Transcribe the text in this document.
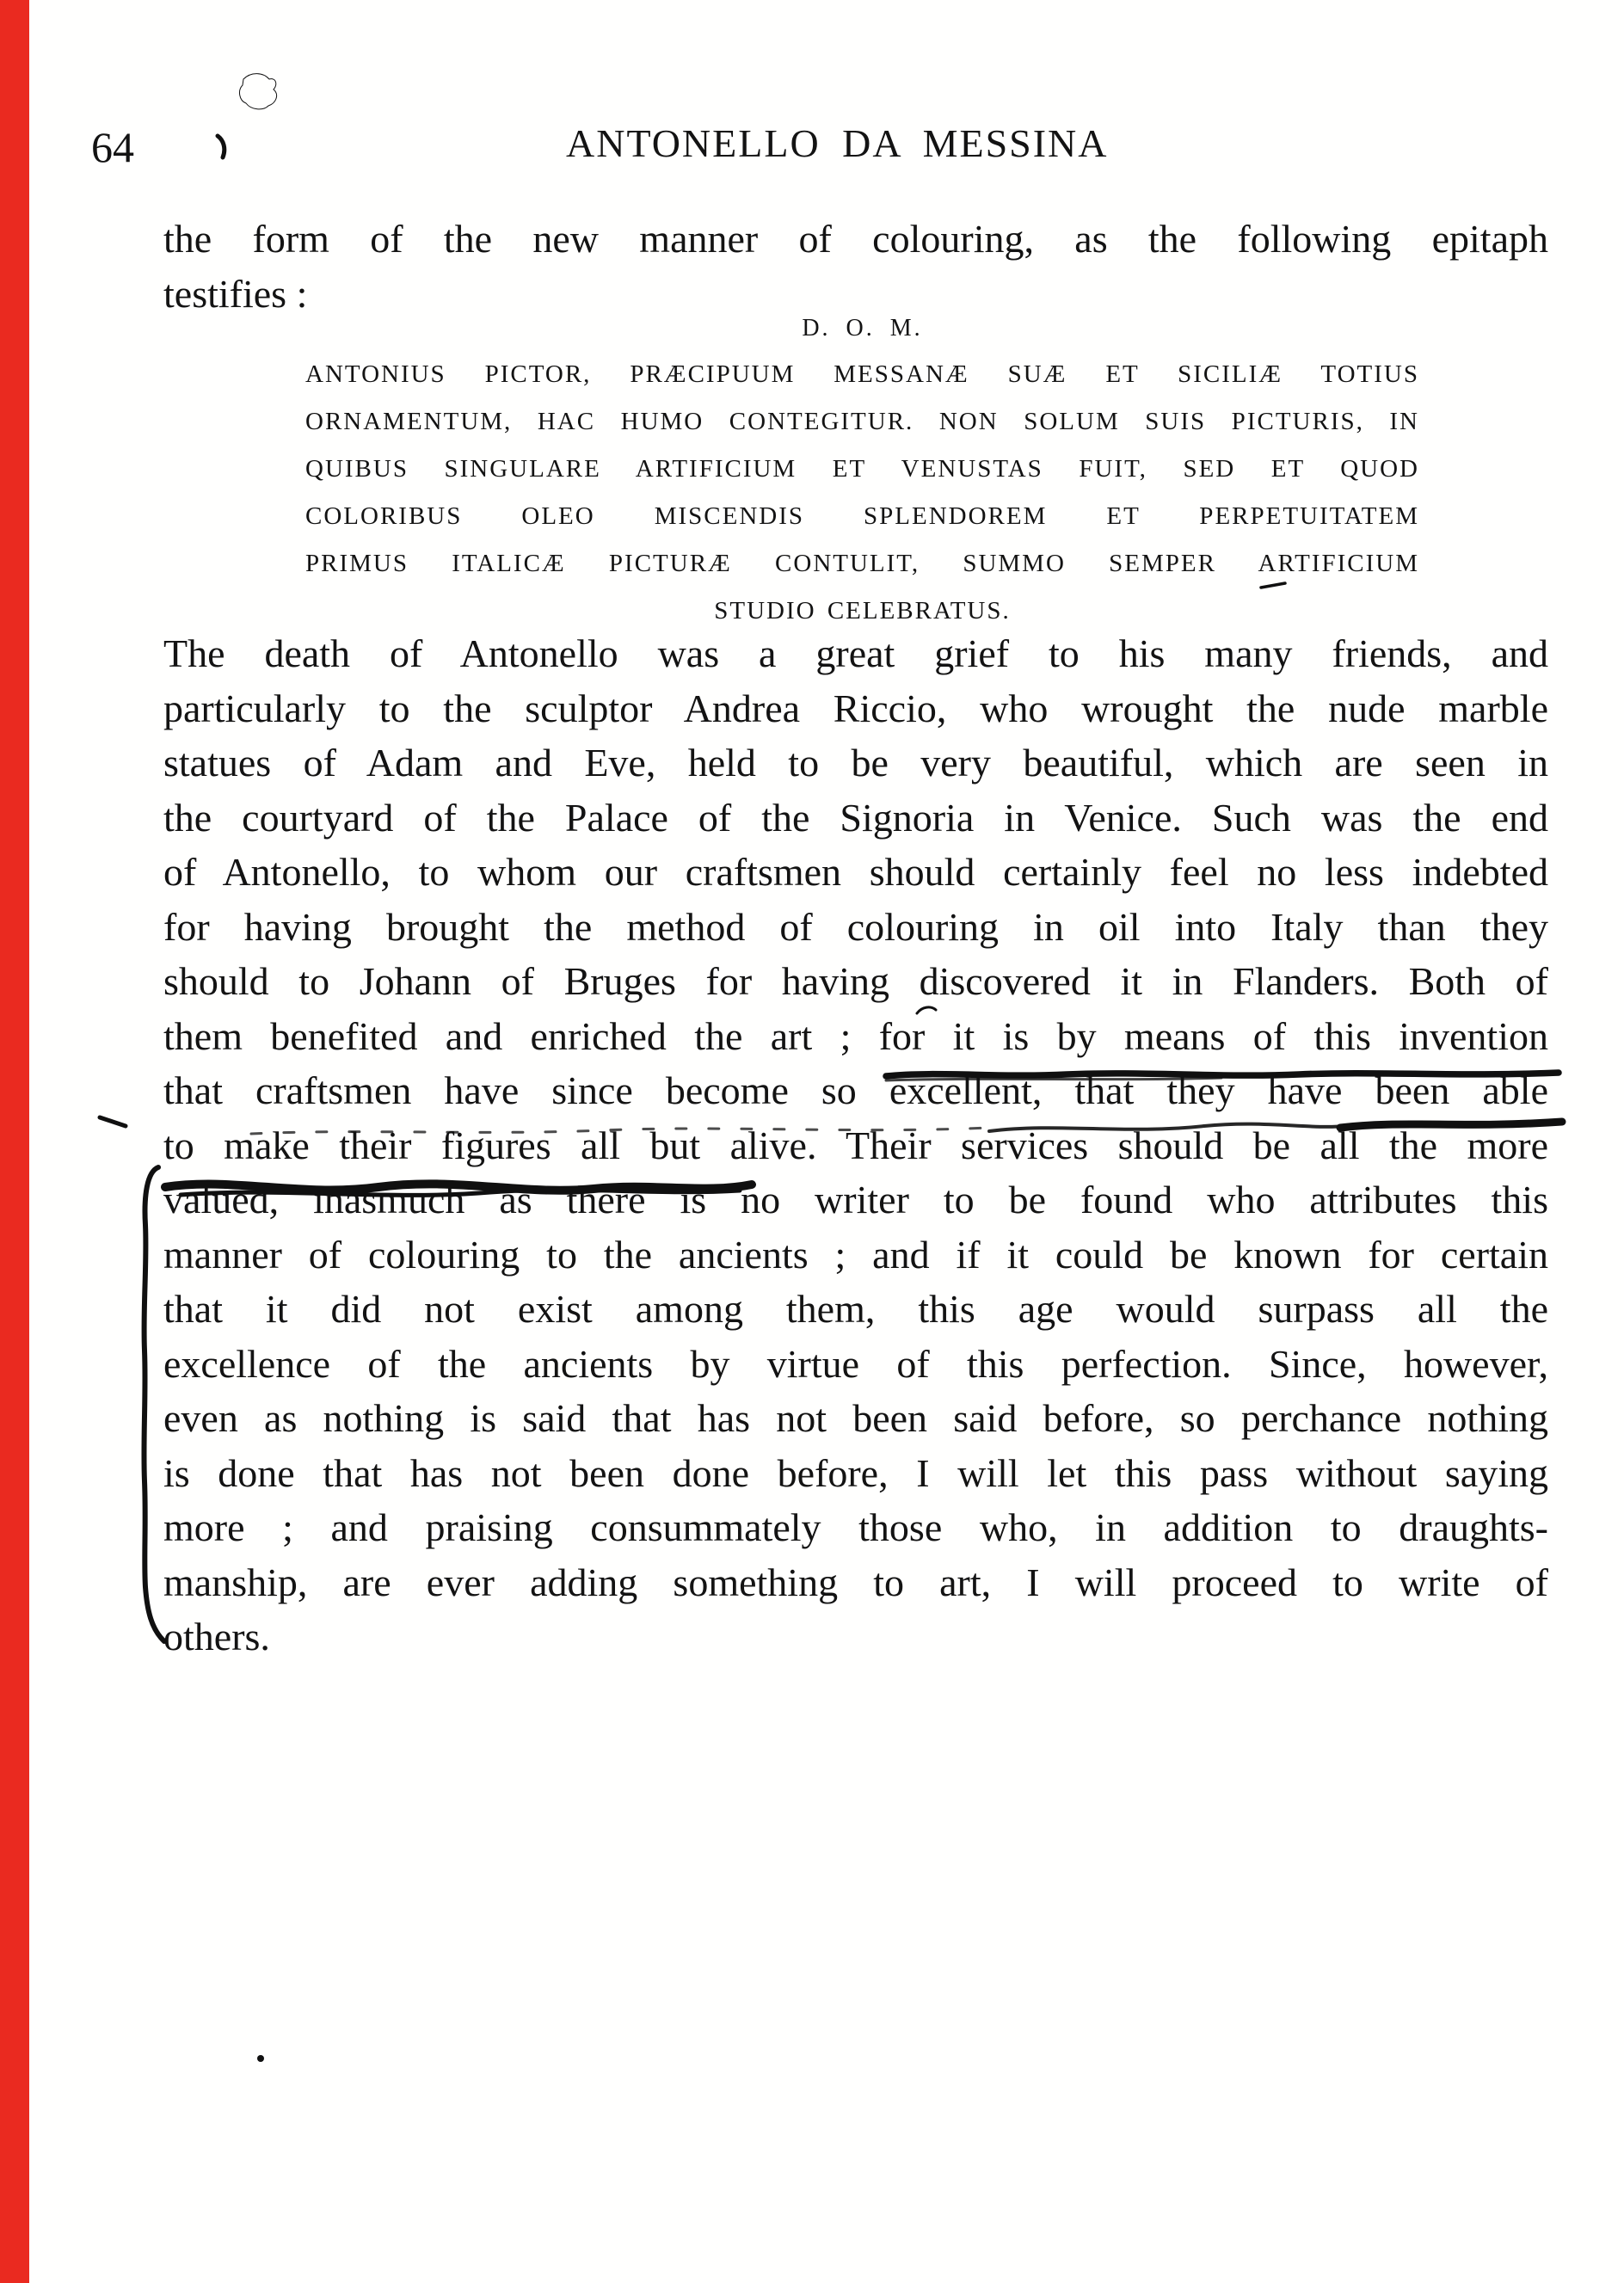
64	ANTONELLO DA MESSINA
the form of the new manner of colouring, as the following epitaph
testifies :
D. O. M.
ANTONIUS PICTOR, PRÆCIPUUM MESSANÆ SUÆ ET SICILIÆ TOTIUS
ORNAMENTUM, HAC HUMO CONTEGITUR. NON SOLUM SUIS PICTURIS, IN
QUIBUS SINGULARE ARTIFICIUM ET VENUSTAS FUIT, SED ET QUOD
COLORIBUS OLEO MISCENDIS SPLENDOREM ET PERPETUITATEM
PRIMUS ITALICÆ PICTURÆ CONTULIT, SUMMO SEMPER ARTIFICIUM
STUDIO CELEBRATUS.
The death of Antonello was a great grief to his many friends, and
particularly to the sculptor Andrea Riccio, who wrought the nude marble
statues of Adam and Eve, held to be very beautiful, which are seen in
the courtyard of the Palace of the Signoria in Venice. Such was the end
of Antonello, to whom our craftsmen should certainly feel no less indebted
for having brought the method of colouring in oil into Italy than they
should to Johann of Bruges for having discovered it in Flanders. Both of
them benefited and enriched the art ; for it is by means of this invention
that craftsmen have since become so excellent, that they have been able
to make their figures all but alive. Their services should be all the more
valued, inasmuch as there is no writer to be found who attributes this
manner of colouring to the ancients ; and if it could be known for certain
that it did not exist among them, this age would surpass all the
excellence of the ancients by virtue of this perfection. Since, however,
even as nothing is said that has not been said before, so perchance nothing
is done that has not been done before, I will let this pass without saying
more ; and praising consummately those who, in addition to draughts-
manship, are ever adding something to art, I will proceed to write of
others.
